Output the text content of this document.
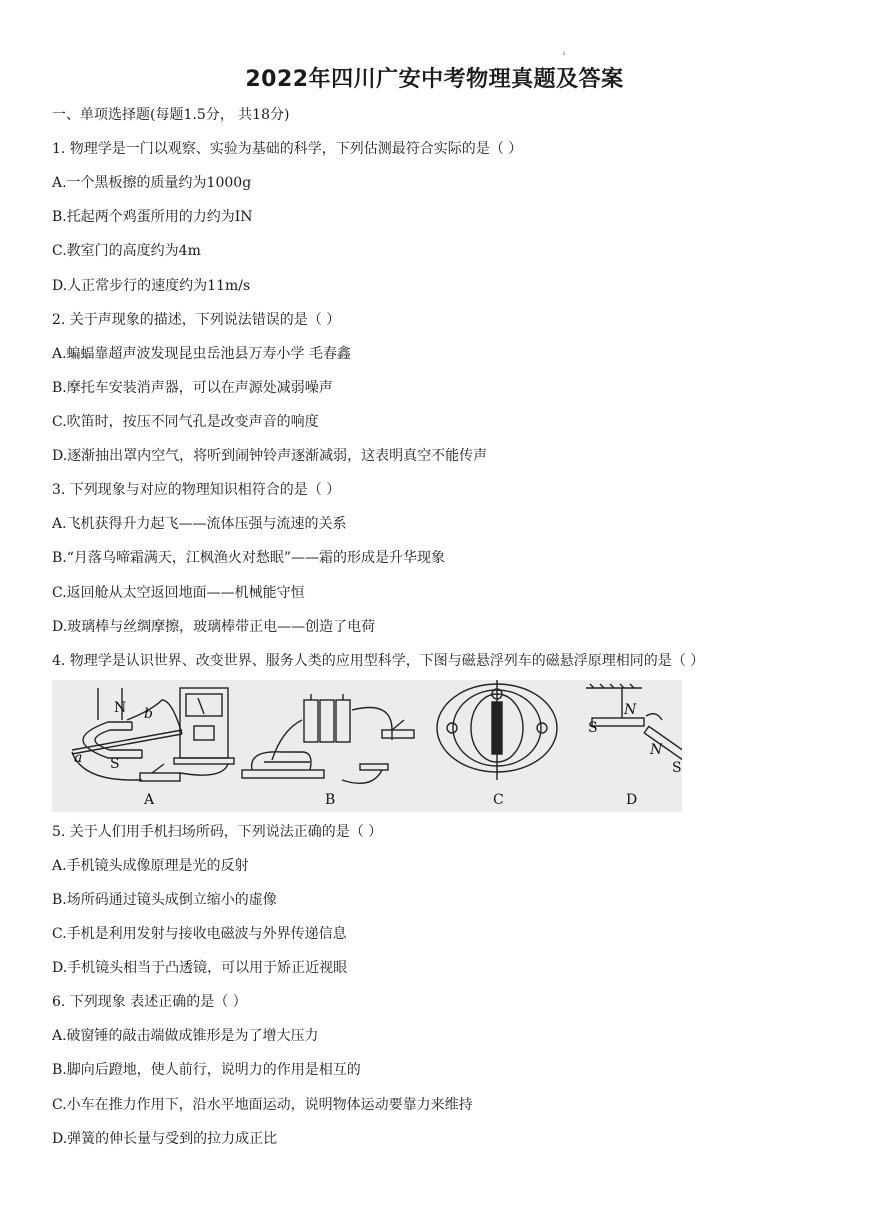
ı
2022年四川广安中考物理真题及答案
一、单项选择题(每题1.5分， 共18分)
1. 物理学是一门以观察、实验为基础的科学，下列估测最符合实际的是（ ）
A.一个黑板擦的质量约为1000g
B.托起两个鸡蛋所用的力约为IN
C.教室门的高度约为4m
D.人正常步行的速度约为11m/s
2. 关于声现象的描述，下列说法错误的是（ ）
A.蝙蝠靠超声波发现昆虫岳池县万寿小学 毛春鑫
B.摩托车安装消声器，可以在声源处减弱噪声
C.吹笛时，按压不同气孔是改变声音的响度
D.逐渐抽出罩内空气，将听到闹钟铃声逐渐减弱，这表明真空不能传声
3. 下列现象与对应的物理知识相符合的是（ ）
A.飞机获得升力起飞——流体压强与流速的关系
B.“月落乌啼霜满天，江枫渔火对愁眠”——霜的形成是升华现象
C.返回舱从太空返回地面——机械能守恒
D.玻璃棒与丝绸摩擦，玻璃棒带正电——创造了电荷
4. 物理学是认识世界、改变世界、服务人类的应用型科学，下图与磁悬浮列车的磁悬浮原理相同的是（ ）
N
S
b
a
A	B	C
S
N
N
S
D
5. 关于人们用手机扫场所码，下列说法正确的是（ ）
A.手机镜头成像原理是光的反射
B.场所码通过镜头成倒立缩小的虚像
C.手机是利用发射与接收电磁波与外界传递信息
D.手机镜头相当于凸透镜，可以用于矫正近视眼
6. 下列现象 表述正确的是（ ）
A.破窗锤的敲击端做成锥形是为了增大压力
B.脚向后蹬地，使人前行，说明力的作用是相互的
C.小车在推力作用下，沿水平地面运动，说明物体运动要靠力来维持
D.弹簧的伸长量与受到的拉力成正比
